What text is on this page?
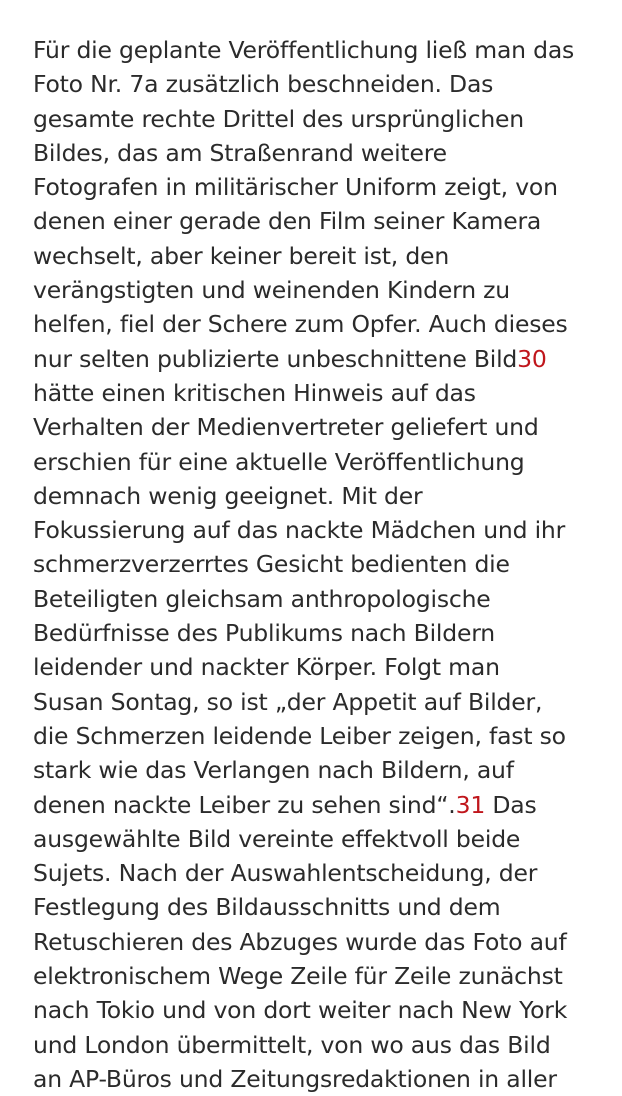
Für die geplante Veröffentlichung ließ man das
Foto Nr. 7a zusätzlich beschneiden. Das
gesamte rechte Drittel des ursprünglichen
Bildes, das am Straßenrand weitere
Fotografen in militärischer Uniform zeigt, von
denen einer gerade den Film seiner Kamera
wechselt, aber keiner bereit ist, den
verängstigten und weinenden Kindern zu
helfen, fiel der Schere zum Opfer. Auch dieses
nur selten publizierte unbeschnittene Bild30
hätte einen kritischen Hinweis auf das
Verhalten der Medienvertreter geliefert und
erschien für eine aktuelle Veröffentlichung
demnach wenig geeignet. Mit der
Fokussierung auf das nackte Mädchen und ihr
schmerzverzerrtes Gesicht bedienten die
Beteiligten gleichsam anthropologische
Bedürfnisse des Publikums nach Bildern
leidender und nackter Körper. Folgt man
Susan Sontag, so ist „der Appetit auf Bilder,
die Schmerzen leidende Leiber zeigen, fast so
stark wie das Verlangen nach Bildern, auf
denen nackte Leiber zu sehen sind“.31 Das
ausgewählte Bild vereinte effektvoll beide
Sujets. Nach der Auswahlentscheidung, der
Festlegung des Bildausschnitts und dem
Retuschieren des Abzuges wurde das Foto auf
elektronischem Wege Zeile für Zeile zunächst
nach Tokio und von dort weiter nach New York
und London übermittelt, von wo aus das Bild
an AP-Büros und Zeitungsredaktionen in aller
